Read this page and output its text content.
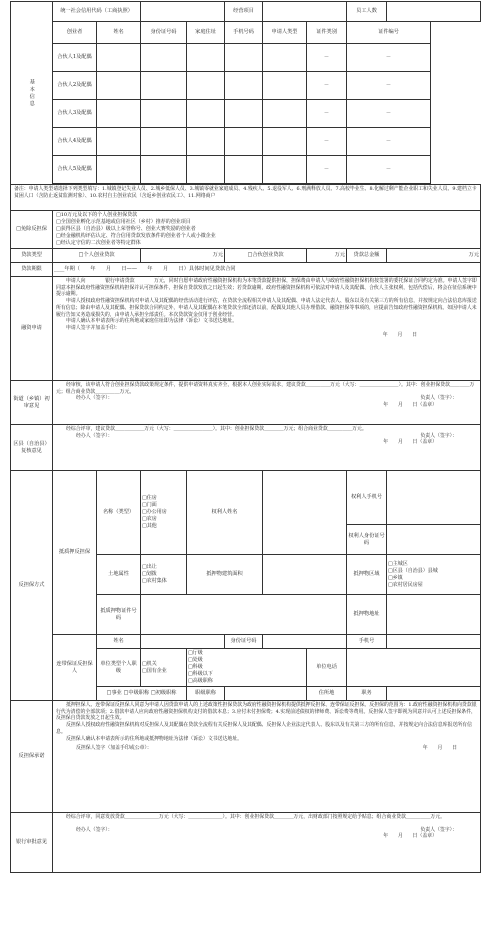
基本信息	统一社会信用代码（工商执照）				经营项目			员工人数	
	创业者	姓名	身份证号码	家庭住址	手机号码	申请人类型	证件类别	证件编号	
	合伙人1及配偶						－	－	
	合伙人2及配偶						－	－	
	合伙人3及配偶						－	－	
	合伙人4及配偶						－	－	
	合伙人5及配偶						－	－	

备注：申请人类型请选择下列类型填写：1.城镇登记失业人员、2.城乡低保人员、3.城镇零就业家庭成员、4.残疾人、5.退役军人、6.刑满释放人员、7.高校毕业生、8.化解过剩产能企业职工和失业人员、9.建档立卡贫困人口（含防止返贫监测对象）、10.农村自主创业农民（含返乡创业农民工）、11.网络商户									
□免除反担保	□10万元及以下的个人创业担保贷款
□全国创业孵化示范基地或信用社区（乡村）推荐的创业项目
□获得区县（自治县）级以上荣誉称号、创业大赛奖励的创业者
□经金融机构评估认定、符合信用贷款发放条件的创业者个人或小微企业
□经认定守信的二次创业者等特定群体								

贷款类型	□个人创业贷款		万元		□合伙创业贷款		万元	贷款总金额	万元
贷款期限	____年期（　　年　　月　　日——　　年　　月　　日）具体时间见贷款合同								
融资申请	申请人向　　　　银行申请贷款　　　　万元，同时自愿申请政府性融资担保机构为本笔贷款提供担保，担保费由申请人与政府性融资担保机构按签署的委托保证合同约定为准。申请人签字即同意本担保政府性融资担保机构担保并认可担保条件，担保自贷款发放之日起生效；若贷款逾期，政府性融资担保机构可依法对申请人及其配偶、合伙人主张权利，包括代偿后，将会在征信系统中提示逾期。
申请人授权政府性融资担保机构对申请人及其配偶的经营活动进行评估，在贷款全流程相关申请人及其配偶、申请人法定代表人、股东以及有关第三方的所有信息，并按规定向合法信息库报送所有信息；除由申请人及其配偶、担保贷款合同约定外，申请人及其配偶在本笔贷款全部还清以前，配偶及其他人员办理借款、融资担保等事项的，应提前告知政府性融资担保机构。如因申请人未履行告知义务造成损失的，由申请人承担全部责任。本次贷款资金仅用于创业经营。
申请人确认本申请表所示的住所地或家庭住址即为法律（诉讼）文书送达地址。
申请人签字并加盖手印：
年　　月　　日								

街道（乡镇）初审意见	经审核，该申请人符合创业担保贷款政策规定条件，提供申请资料真实齐全，根据本人创业实际需求，建议贷款＿＿＿＿＿万元（大写：＿＿＿＿＿＿＿＿）。其中：创业担保贷款＿＿＿＿万元；组合商业贷款＿＿＿＿＿万元。
经办人（签字）： 负责人（签字）：
年　　月　　日（盖章）								

区县（自治县）复核意见	经综合评审，建议贷款＿＿＿＿＿＿万元（大写：＿＿＿＿＿＿＿＿）。其中：创业担保贷款＿＿＿＿万元；组合商业贷款＿＿＿＿＿万元。
经办人（签字）： 负责人（签字）：
年　　月　　日（盖章）								

反担保方式	抵质押反担保	名称（类型）	□住房
□门面
□办公用房
□农房
□其他	权利人姓名				权利人手机号	
								权利人身份证号码	
		土地属性	□出让
□划拨
□农村集体	抵押物建筑面积				抵押物区域	□主城区
□区县（自治县）县城
□乡镇
□农村居民房屋

		抵质押物证件号码						抵押物地址	
	连带保证反担保人	姓名			身份证号码			手机号	
		单位类型个人职级	□机关
□国有企业	□厅级
□处级
□科级
□科级以下
□高级职称			单位电话		
		□事业 □中级职称 □初级职称		职级职称			住所地	职务	
反担保承诺	抵押担保人、连带保证反担保人同意为申请人因贷款申请人的上述政策性担保贷款为政府性融资担保机构提供抵押反担保、连带保证反担保。反担保的范围为：1.政府性融资担保机构向贷款银行代为清偿的全部款项；2.借款申请人应向政府性融资担保机构支付的借款本息；3.应付未付担保费；4.实现前述债权的律师费、诉讼费等费用。反担保人签字即视为同意并认可上述反担保条件，反担保自贷款发放之日起生效。
反担保人授权政府性融资担保机构对反担保人及其配偶在贷款全流程有关反担保人及其配偶、反担保人企业法定代表人、股东以及有关第三方的所有信息，并按规定向合法信息库报送所有信息。
反担保人确认本申请表所示的住所地或抵押物地址为法律（诉讼）文书送达地址。
反担保人签字（加盖手印或公章）： 年　　月　　日								

银行审批意见	经综合评审，同意发放贷款＿＿＿＿＿＿＿万元（大写：＿＿＿＿＿＿＿）。其中：创业担保贷款＿＿＿＿万元，出财政部门按照规定给予贴息；组合商业贷款＿＿＿＿＿万元。
经办人（签字）： 负责人（签字）：
年　　月　　日（盖章）								
